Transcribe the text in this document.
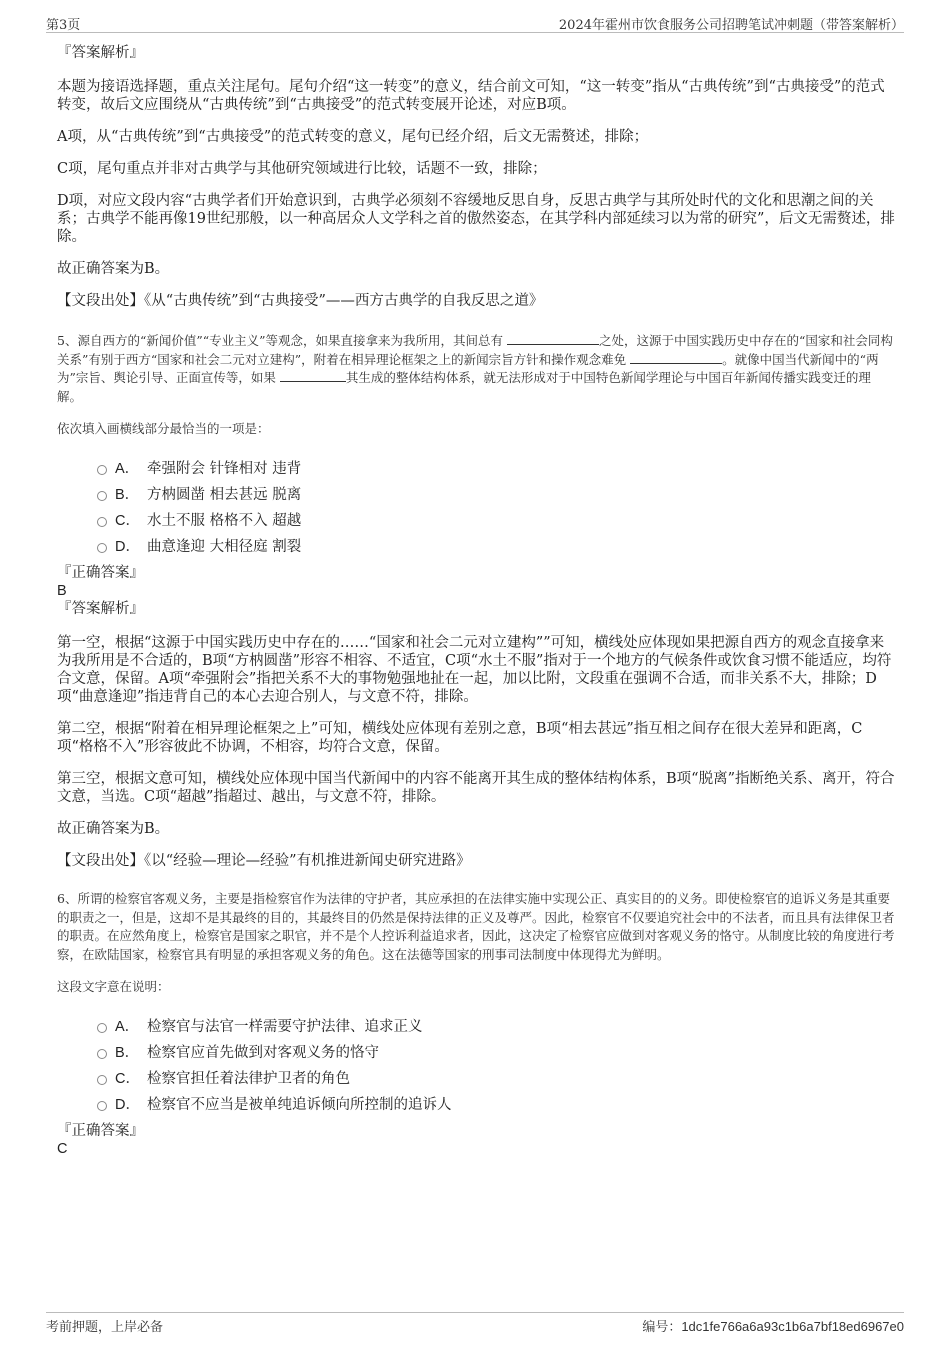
第3页	2024年霍州市饮食服务公司招聘笔试冲刺题（带答案解析）

『答案解析』

本题为接语选择题，重点关注尾句。尾句介绍“这一转变”的意义，结合前文可知，“这一转变”指从“古典传统”到“古典接受”的范式转变，故后文应围绕从“古典传统”到“古典接受”的范式转变展开论述，对应B项。

A项，从“古典传统”到“古典接受”的范式转变的意义，尾句已经介绍，后文无需赘述，排除；

C项，尾句重点并非对古典学与其他研究领域进行比较，话题不一致，排除；

D项，对应文段内容“古典学者们开始意识到，古典学必须刻不容缓地反思自身，反思古典学与其所处时代的文化和思潮之间的关系；古典学不能再像19世纪那般，以一种高居众人文学科之首的傲然姿态，在其学科内部延续习以为常的研究”，后文无需赘述，排除。

故正确答案为B。

【文段出处】《从“古典传统”到“古典接受”——西方古典学的自我反思之道》

5、源自西方的“新闻价值”“专业主义”等观念，如果直接拿来为我所用，其间总有	之处，这源于中国实践历史中存在的“国家和社会同构关系”有别于西方“国家和社会二元对立建构”，附着在相异理论框架之上的新闻宗旨方针和操作观念难免	。就像中国当代新闻中的“两为”宗旨、舆论引导、正面宣传等，如果	其生成的整体结构体系，就无法形成对于中国特色新闻学理论与中国百年新闻传播实践变迁的理解。

依次填入画横线部分最恰当的一项是：

A． 牵强附会 针锋相对 违背
B． 方枘圆凿 相去甚远 脱离
C． 水土不服 格格不入 超越
D． 曲意逢迎 大相径庭 割裂

『正确答案』

B

『答案解析』

第一空，根据“这源于中国实践历史中存在的……“国家和社会二元对立建构””可知，横线处应体现如果把源自西方的观念直接拿来为我所用是不合适的，B项“方枘圆凿”形容不相容、不适宜，C项“水土不服”指对于一个地方的气候条件或饮食习惯不能适应，均符合文意，保留。A项“牵强附会”指把关系不大的事物勉强地扯在一起，加以比附，文段重在强调不合适，而非关系不大，排除；D项“曲意逢迎”指违背自己的本心去迎合别人，与文意不符，排除。

第二空，根据“附着在相异理论框架之上”可知，横线处应体现有差别之意，B项“相去甚远”指互相之间存在很大差异和距离，C项“格格不入”形容彼此不协调，不相容，均符合文意，保留。

第三空，根据文意可知，横线处应体现中国当代新闻中的内容不能离开其生成的整体结构体系，B项“脱离”指断绝关系、离开，符合文意，当选。C项“超越”指超过、越出，与文意不符，排除。

故正确答案为B。

【文段出处】《以“经验—理论—经验”有机推进新闻史研究进路》

6、所谓的检察官客观义务，主要是指检察官作为法律的守护者，其应承担的在法律实施中实现公正、真实目的的义务。即使检察官的追诉义务是其重要的职责之一，但是，这却不是其最终的目的，其最终目的仍然是保持法律的正义及尊严。因此，检察官不仅要追究社会中的不法者，而且具有法律保卫者的职责。在应然角度上，检察官是国家之职官，并不是个人控诉利益追求者，因此，这决定了检察官应做到对客观义务的恪守。从制度比较的角度进行考察，在欧陆国家，检察官具有明显的承担客观义务的角色。这在法德等国家的刑事司法制度中体现得尤为鲜明。

这段文字意在说明：

A． 检察官与法官一样需要守护法律、追求正义
B． 检察官应首先做到对客观义务的恪守
C． 检察官担任着法律护卫者的角色
D． 检察官不应当是被单纯追诉倾向所控制的追诉人

『正确答案』

C

考前押题，上岸必备	编号：1dc1fe766a6a93c1b6a7bf18ed6967e0
